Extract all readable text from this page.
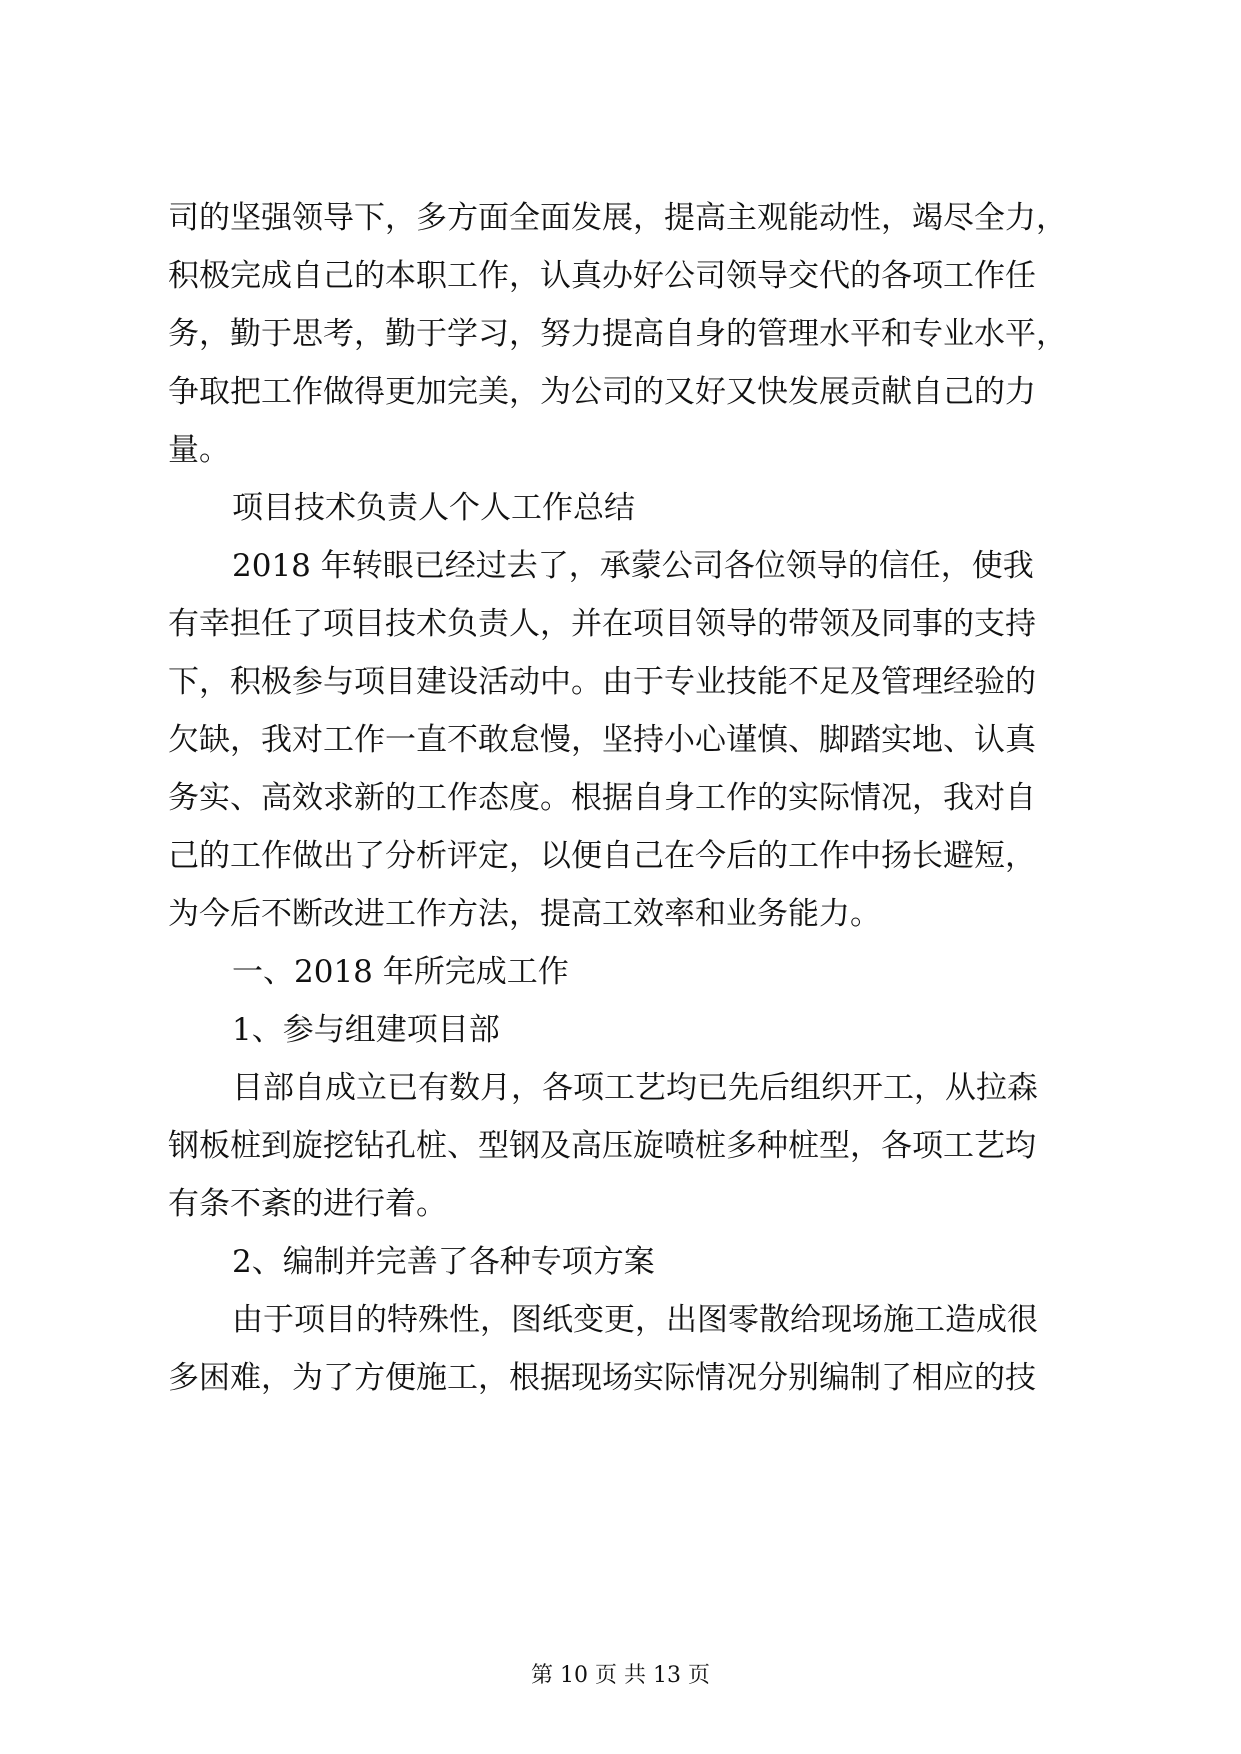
司的坚强领导下，多方面全面发展，提高主观能动性，竭尽全力，
积极完成自己的本职工作，认真办好公司领导交代的各项工作任
务，勤于思考，勤于学习，努力提高自身的管理水平和专业水平，
争取把工作做得更加完美，为公司的又好又快发展贡献自己的力
量。
项目技术负责人个人工作总结
2018 年转眼已经过去了，承蒙公司各位领导的信任，使我
有幸担任了项目技术负责人，并在项目领导的带领及同事的支持
下，积极参与项目建设活动中。由于专业技能不足及管理经验的
欠缺，我对工作一直不敢怠慢，坚持小心谨慎、脚踏实地、认真
务实、高效求新的工作态度。根据自身工作的实际情况，我对自
己的工作做出了分析评定，以便自己在今后的工作中扬长避短，
为今后不断改进工作方法，提高工效率和业务能力。
一、2018 年所完成工作
1、参与组建项目部
目部自成立已有数月，各项工艺均已先后组织开工，从拉森
钢板桩到旋挖钻孔桩、型钢及高压旋喷桩多种桩型，各项工艺均
有条不紊的进行着。
2、编制并完善了各种专项方案
由于项目的特殊性，图纸变更，出图零散给现场施工造成很
多困难，为了方便施工，根据现场实际情况分别编制了相应的技
第 10 页 共 13 页
